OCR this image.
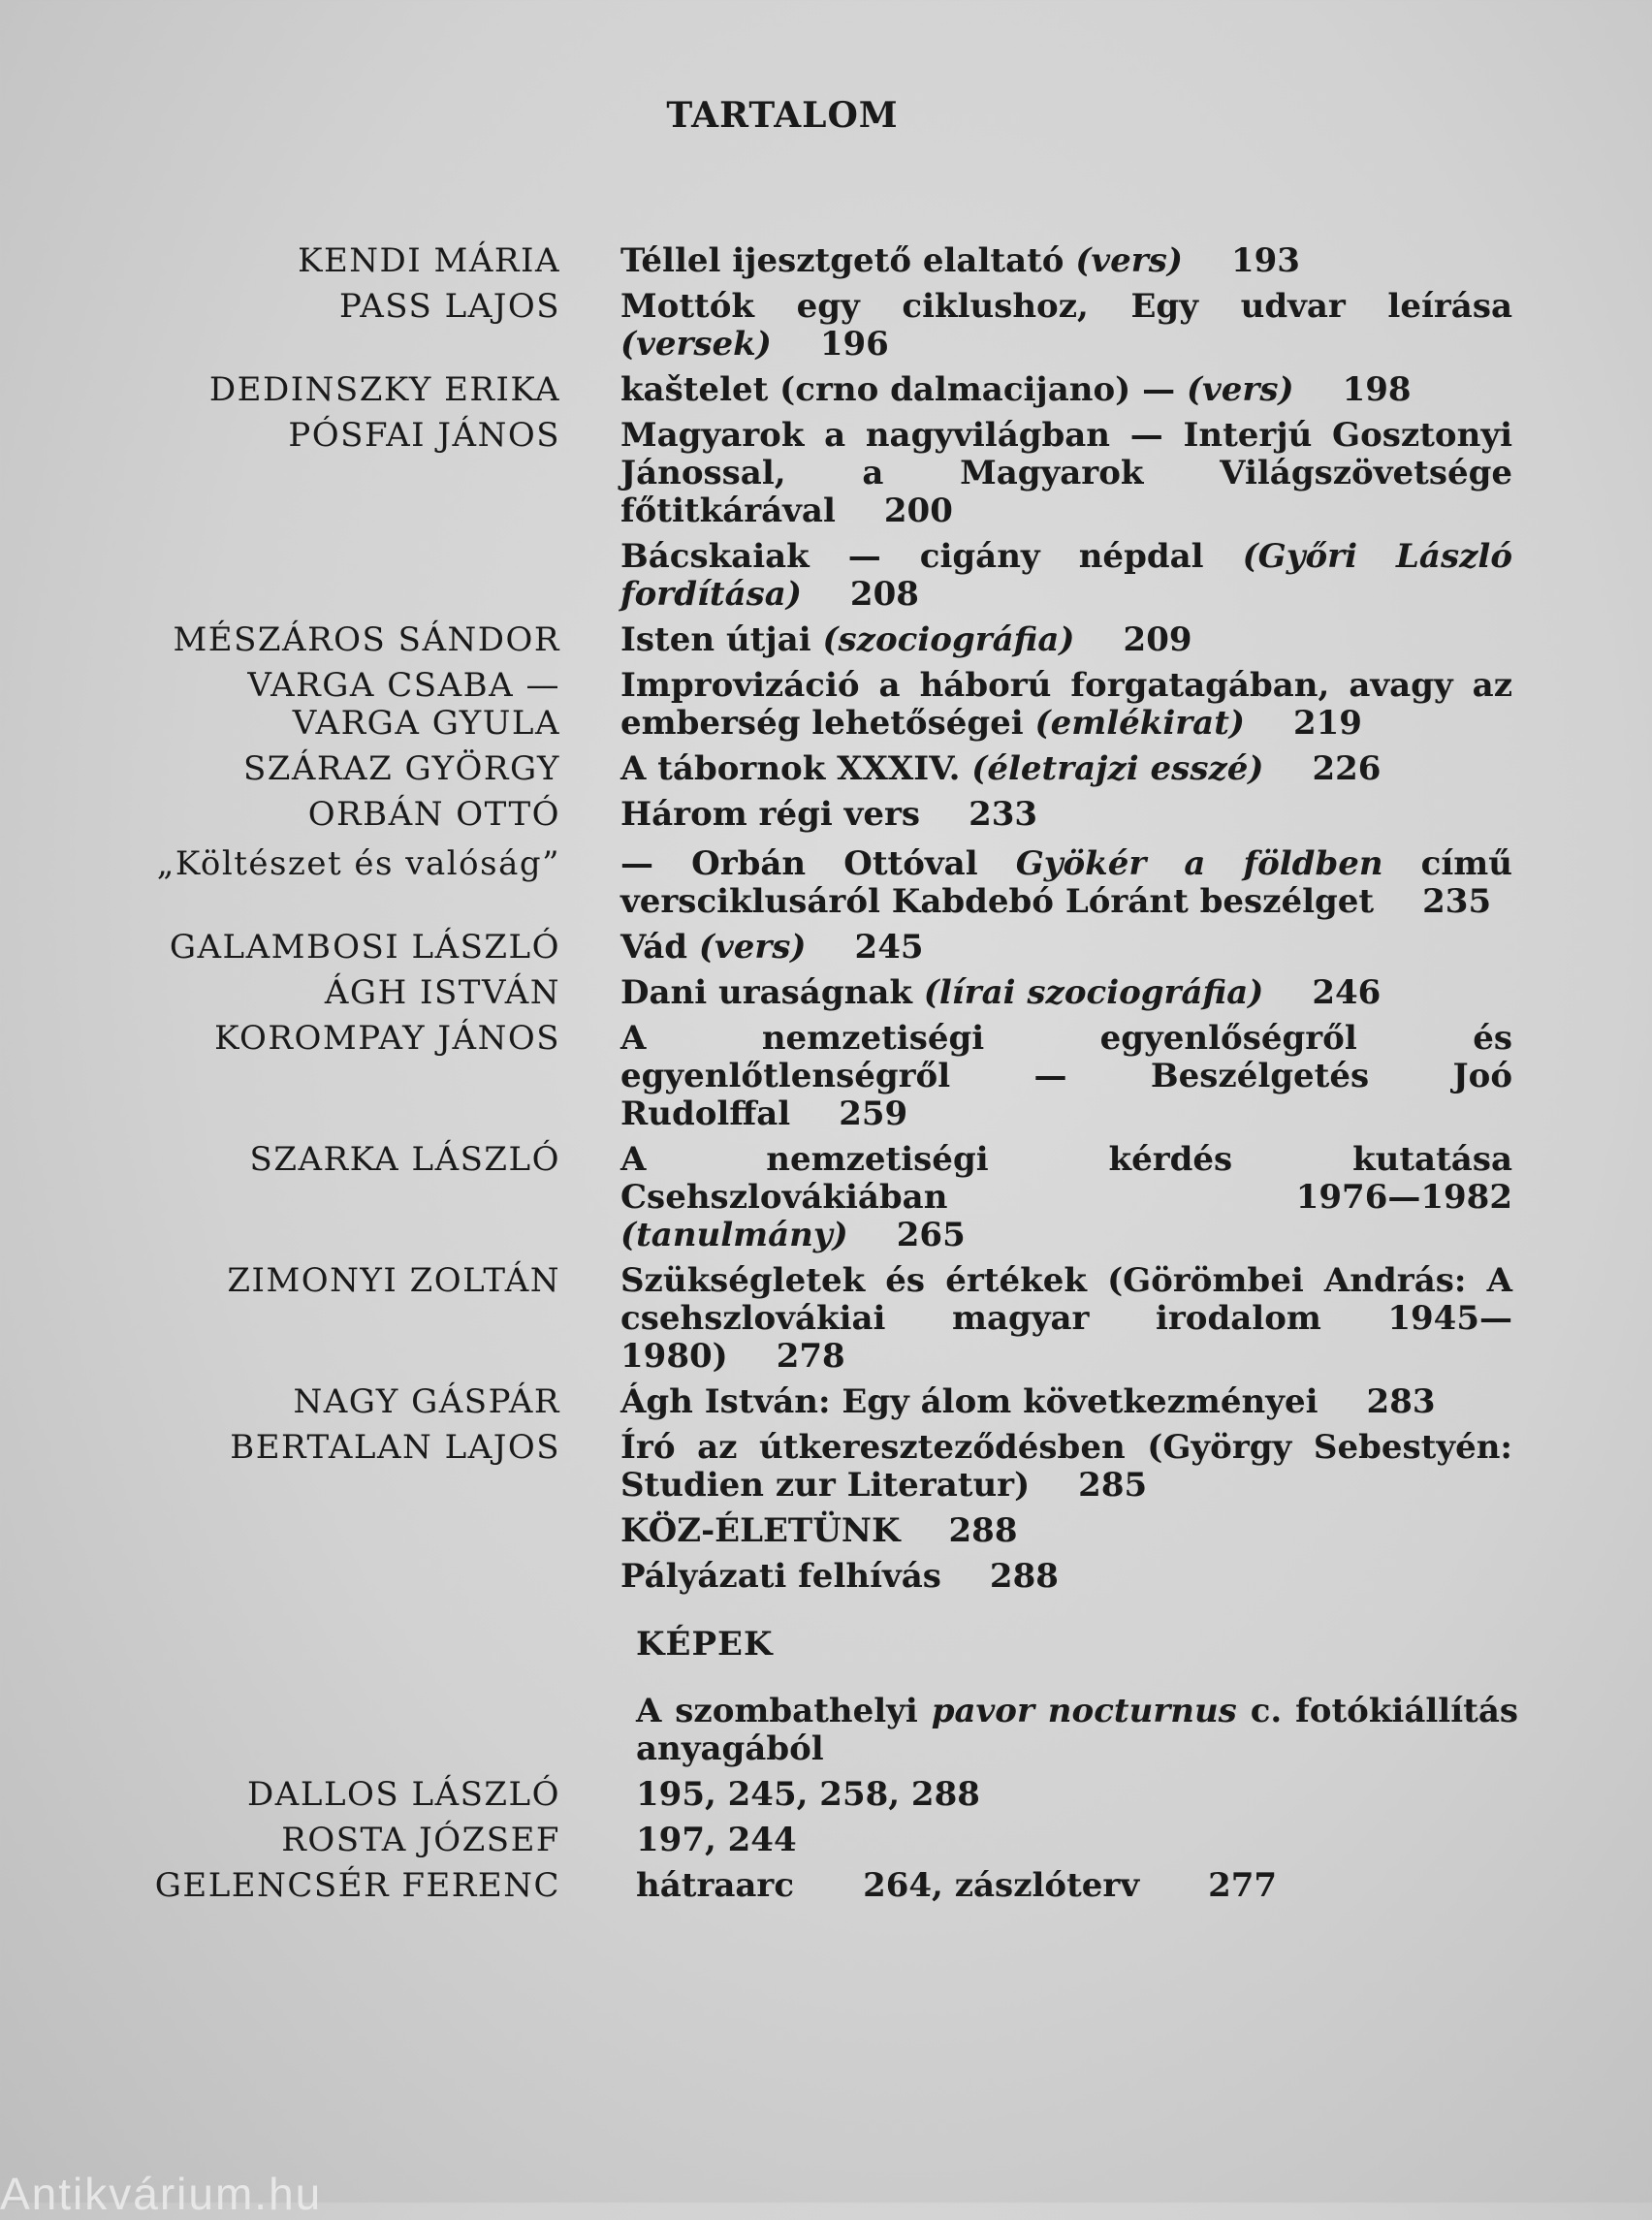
TARTALOM
KENDI MÁRIA Téllel ijesztgető elaltató (vers) 193
PASS LAJOS Mottók egy ciklushoz, Egy udvar leírása (versek) 196
DEDINSZKY ERIKA kaštelet (crno dalmacijano) — (vers) 198
PÓSFAI JÁNOS Magyarok a nagyvilágban — Interjú Gosztonyi Jánossal, a Magyarok Világszövetsége főtitkárával 200
Bácskaiak — cigány népdal (Győri László fordítása) 208
MÉSZÁROS SÁNDOR Isten útjai (szociográfia) 209
VARGA CSABA —
VARGA GYULA
Improvizáció a háború forgatagában, avagy az emberség lehetőségei (emlékirat) 219
SZÁRAZ GYÖRGY A tábornok XXXIV. (életrajzi esszé) 226
ORBÁN OTTÓ Három régi vers 233
„Költészet és valóság” — Orbán Ottóval Gyökér a földben című versciklusáról Kabdebó Lóránt beszélget 235
GALAMBOSI LÁSZLÓ Vád (vers) 245
ÁGH ISTVÁN Dani uraságnak (lírai szociográfia) 246
KOROMPAY JÁNOS A nemzetiségi egyenlőségről és egyenlőtlenségről — Beszélgetés Joó Rudolffal 259
SZARKA LÁSZLÓ A nemzetiségi kérdés kutatása Csehszlovákiában 1976—1982 (tanulmány) 265
ZIMONYI ZOLTÁN Szükségletek és értékek (Görömbei András: A csehszlovákiai magyar irodalom 1945—1980) 278
NAGY GÁSPÁR Ágh István: Egy álom következményei 283
BERTALAN LAJOS Író az útkereszteződésben (György Sebestyén: Studien zur Literatur) 285
KÖZ-ÉLETÜNK 288
Pályázati felhívás 288
KÉPEK
A szombathelyi pavor nocturnus c. fotókiállítás anyagából
DALLOS LÁSZLÓ 195, 245, 258, 288
ROSTA JÓZSEF 197, 244
GELENCSÉR FERENC hátraarc      264, zászlóterv      277
Antikvárium.hu
